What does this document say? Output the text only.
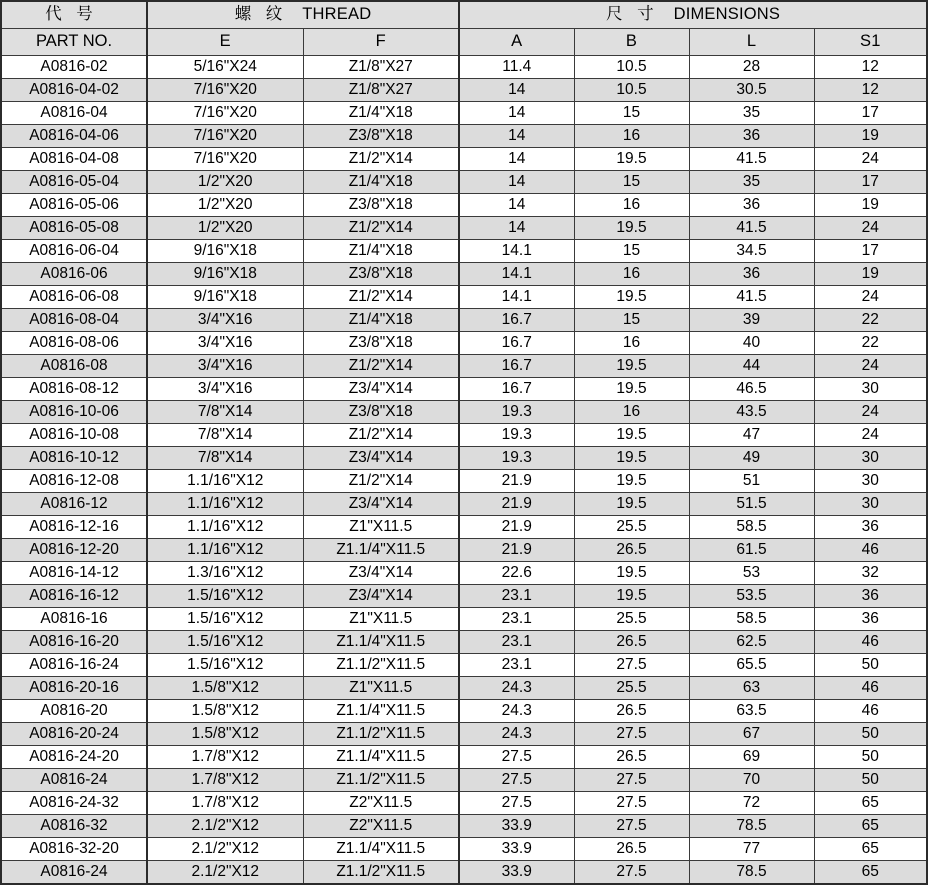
代 号	螺 纹 THREAD		尺 寸 DIMENSIONS			
PART NO.	E	F	A	B	L	S1
A0816-02	5/16"X24	Z1/8"X27	11.4	10.5	28	12
A0816-04-02	7/16"X20	Z1/8"X27	14	10.5	30.5	12
A0816-04	7/16"X20	Z1/4"X18	14	15	35	17
A0816-04-06	7/16"X20	Z3/8"X18	14	16	36	19
A0816-04-08	7/16"X20	Z1/2"X14	14	19.5	41.5	24
A0816-05-04	1/2"X20	Z1/4"X18	14	15	35	17
A0816-05-06	1/2"X20	Z3/8"X18	14	16	36	19
A0816-05-08	1/2"X20	Z1/2"X14	14	19.5	41.5	24
A0816-06-04	9/16"X18	Z1/4"X18	14.1	15	34.5	17
A0816-06	9/16"X18	Z3/8"X18	14.1	16	36	19
A0816-06-08	9/16"X18	Z1/2"X14	14.1	19.5	41.5	24
A0816-08-04	3/4"X16	Z1/4"X18	16.7	15	39	22
A0816-08-06	3/4"X16	Z3/8"X18	16.7	16	40	22
A0816-08	3/4"X16	Z1/2"X14	16.7	19.5	44	24
A0816-08-12	3/4"X16	Z3/4"X14	16.7	19.5	46.5	30
A0816-10-06	7/8"X14	Z3/8"X18	19.3	16	43.5	24
A0816-10-08	7/8"X14	Z1/2"X14	19.3	19.5	47	24
A0816-10-12	7/8"X14	Z3/4"X14	19.3	19.5	49	30
A0816-12-08	1.1/16"X12	Z1/2"X14	21.9	19.5	51	30
A0816-12	1.1/16"X12	Z3/4"X14	21.9	19.5	51.5	30
A0816-12-16	1.1/16"X12	Z1"X11.5	21.9	25.5	58.5	36
A0816-12-20	1.1/16"X12	Z1.1/4"X11.5	21.9	26.5	61.5	46
A0816-14-12	1.3/16"X12	Z3/4"X14	22.6	19.5	53	32
A0816-16-12	1.5/16"X12	Z3/4"X14	23.1	19.5	53.5	36
A0816-16	1.5/16"X12	Z1"X11.5	23.1	25.5	58.5	36
A0816-16-20	1.5/16"X12	Z1.1/4"X11.5	23.1	26.5	62.5	46
A0816-16-24	1.5/16"X12	Z1.1/2"X11.5	23.1	27.5	65.5	50
A0816-20-16	1.5/8"X12	Z1"X11.5	24.3	25.5	63	46
A0816-20	1.5/8"X12	Z1.1/4"X11.5	24.3	26.5	63.5	46
A0816-20-24	1.5/8"X12	Z1.1/2"X11.5	24.3	27.5	67	50
A0816-24-20	1.7/8"X12	Z1.1/4"X11.5	27.5	26.5	69	50
A0816-24	1.7/8"X12	Z1.1/2"X11.5	27.5	27.5	70	50
A0816-24-32	1.7/8"X12	Z2"X11.5	27.5	27.5	72	65
A0816-32	2.1/2"X12	Z2"X11.5	33.9	27.5	78.5	65
A0816-32-20	2.1/2"X12	Z1.1/4"X11.5	33.9	26.5	77	65
A0816-24	2.1/2"X12	Z1.1/2"X11.5	33.9	27.5	78.5	65
